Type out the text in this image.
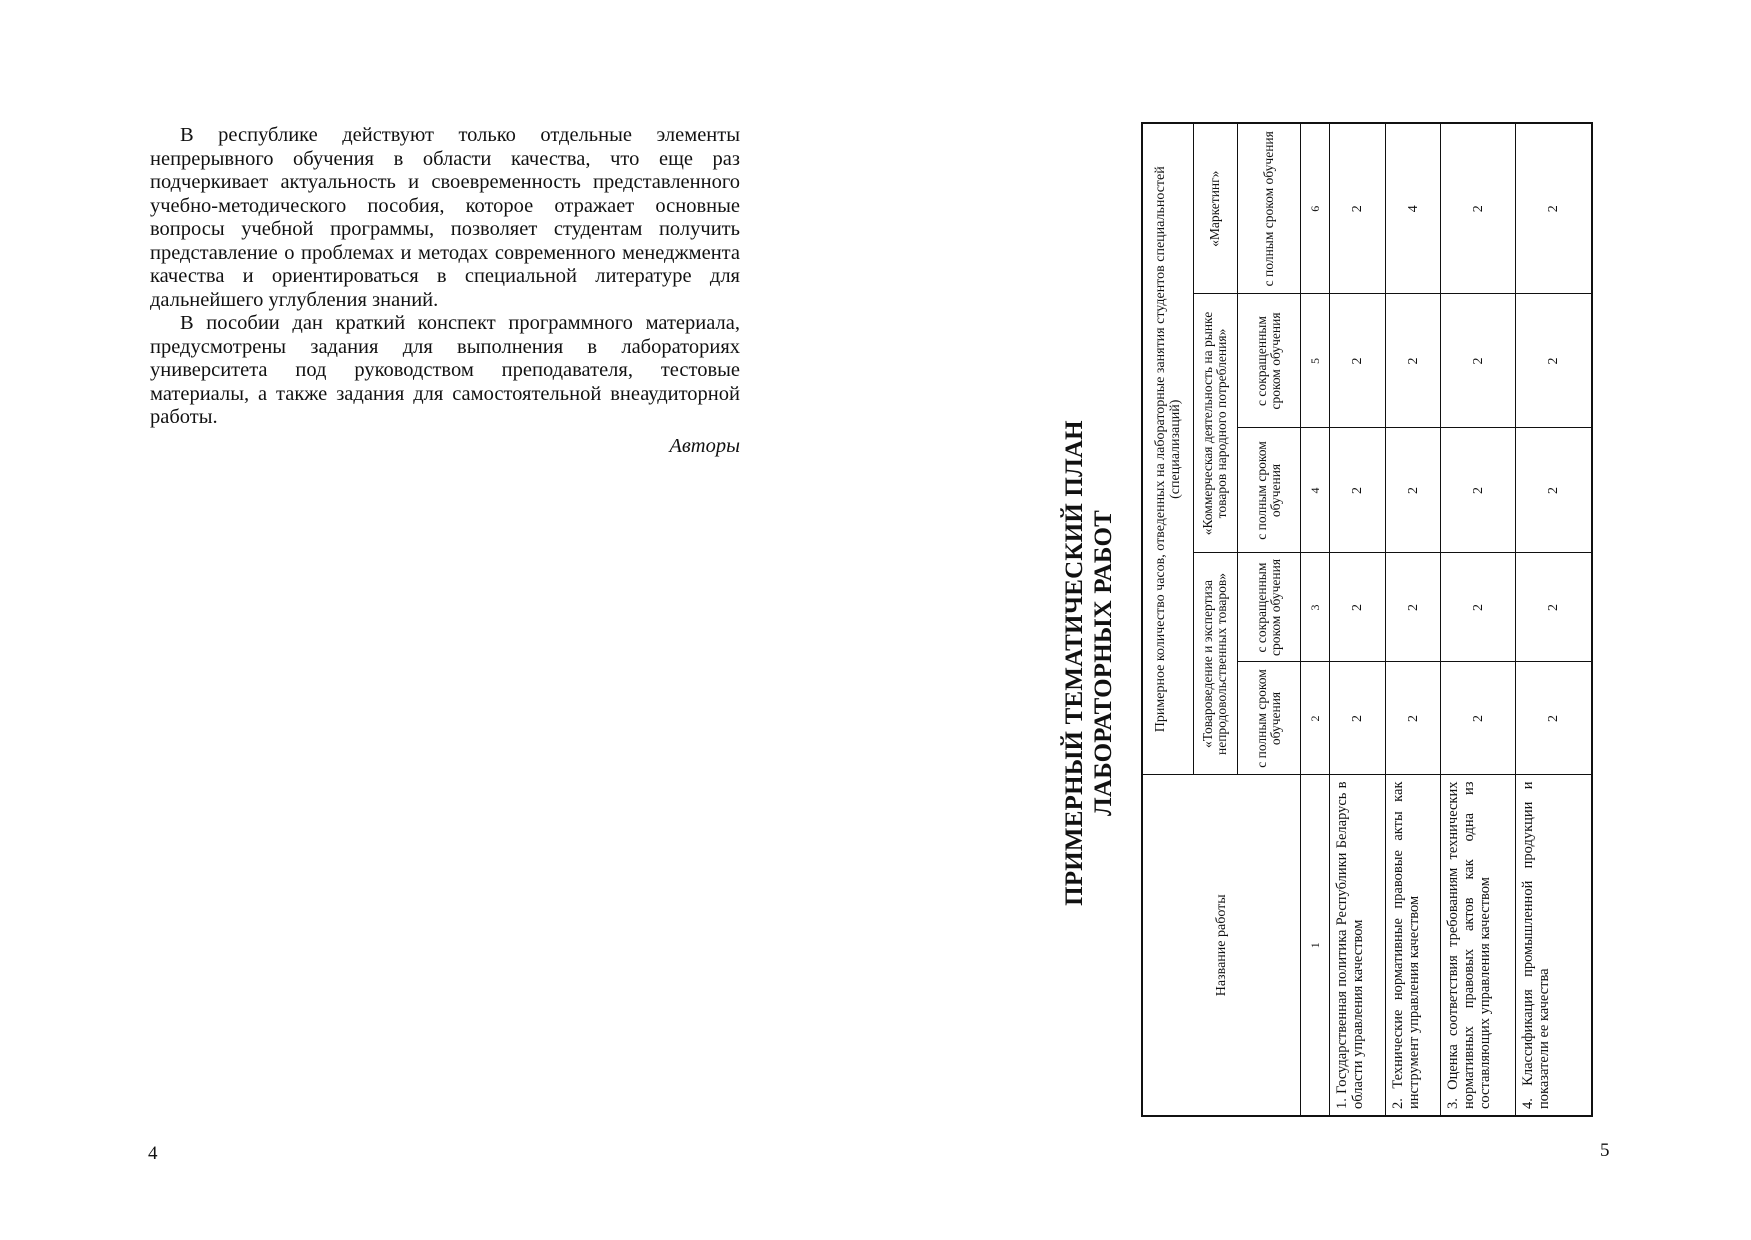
В республике действуют только отдельные элементы непрерывного обучения в области качества, что еще раз подчеркивает актуальность и своевременность представленного учебно-методического пособия, которое отражает основные вопросы учебной программы, позволяет студентам получить представление о проблемах и методах современного менеджмента качества и ориентироваться в специальной литературе для дальнейшего углубления знаний.

В пособии дан краткий конспект программного материала, предусмотрены задания для выполнения в лабораториях университета под руководством преподавателя, тестовые материалы, а также задания для самостоятельной внеаудиторной работы.

Авторы
4
ПРИМЕРНЫЙ ТЕМАТИЧЕСКИЙ ПЛАН ЛАБОРАТОРНЫХ РАБОТ
Название работы	Примерное количество часов, отведенных на лабораторные занятия студентов специальностей (специализаций)				
	«Товароведение и экспертиза непродовольственных товаров»		«Коммерческая деятельность на рынке товаров народного потребления»		«Маркетинг»
	с полным сроком обучения	с сокращенным сроком обучения	с полным сроком обучения	с сокращенным сроком обучения	с полным сроком обучения
1	2	3	4	5	6
1. Государственная политика Республики Беларусь в области управления качеством	2	2	2	2	2
2. Технические нормативные правовые акты как инструмент управления качеством	2	2	2	2	4
3. Оценка соответствия требованиям технических нормативных правовых актов как одна из составляющих управления качеством	2	2	2	2	2
4. Классификация промышленной продукции и показатели ее качества	2	2	2	2	2
5
